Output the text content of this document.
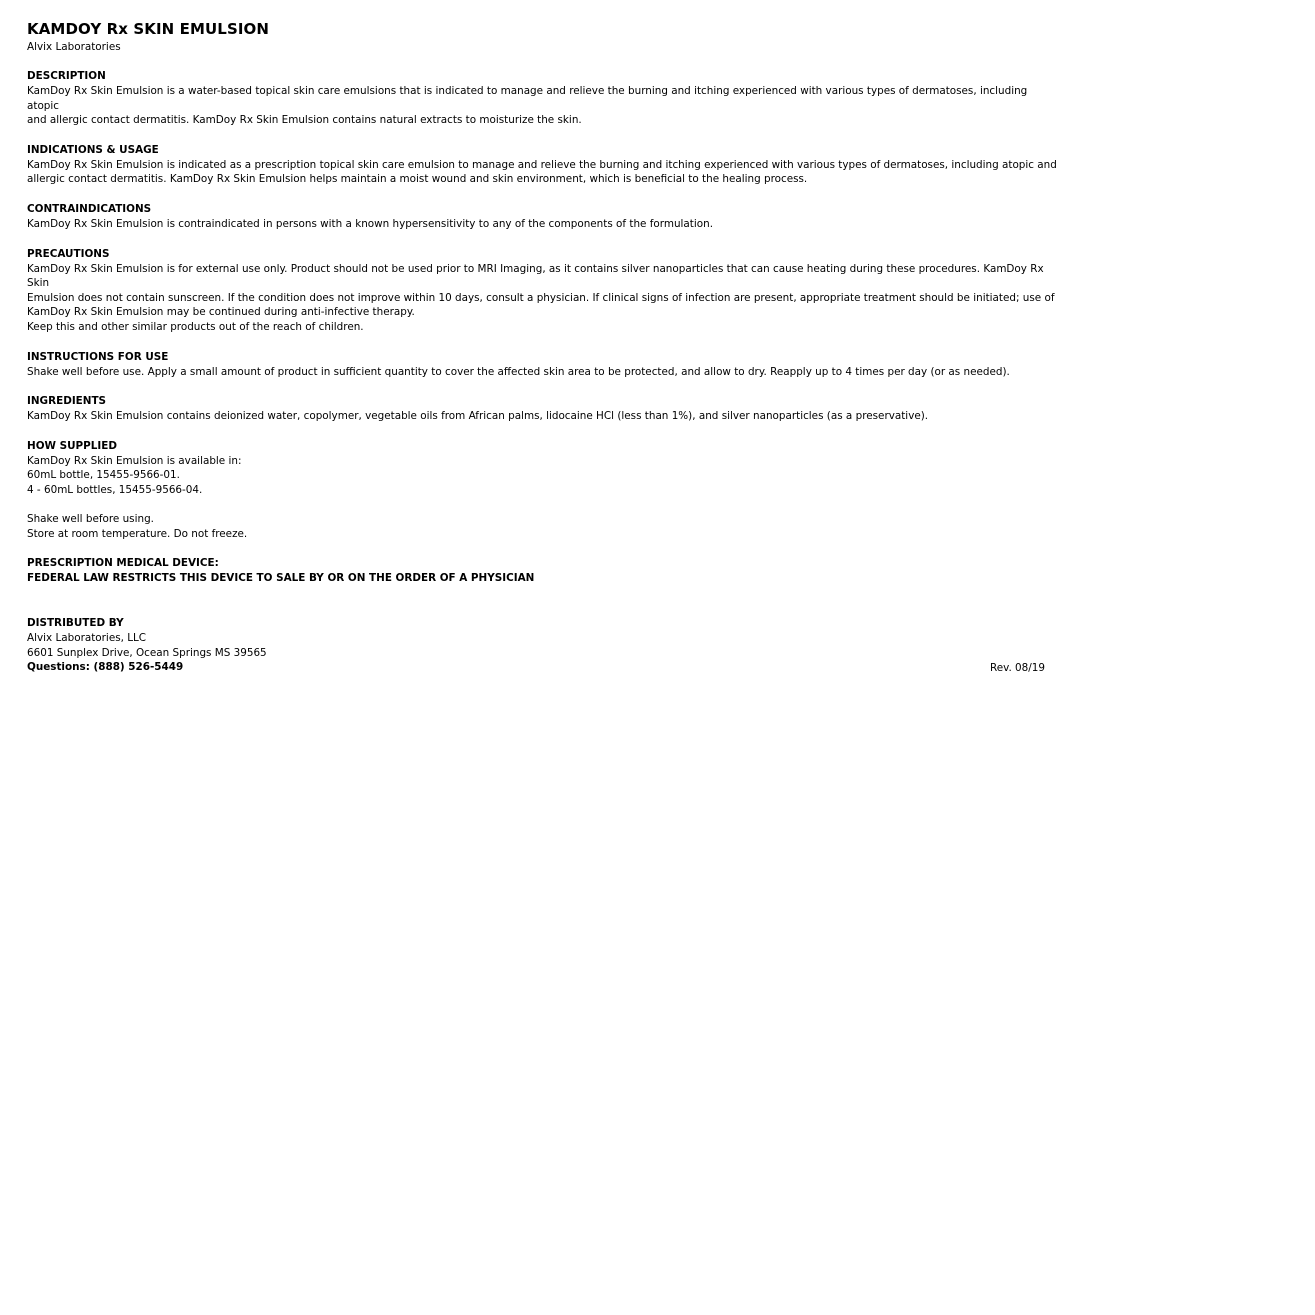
KAMDOY Rx SKIN EMULSION
Alvix Laboratories
DESCRIPTION
KamDoy Rx Skin Emulsion is a water-based topical skin care emulsions that is indicated to manage and relieve the burning and itching experienced with various types of dermatoses, including atopic
and allergic contact dermatitis. KamDoy Rx Skin Emulsion contains natural extracts to moisturize the skin.
INDICATIONS & USAGE
KamDoy Rx Skin Emulsion is indicated as a prescription topical skin care emulsion to manage and relieve the burning and itching experienced with various types of dermatoses, including atopic and
allergic contact dermatitis. KamDoy Rx Skin Emulsion helps maintain a moist wound and skin environment, which is beneficial to the healing process.
CONTRAINDICATIONS
KamDoy Rx Skin Emulsion is contraindicated in persons with a known hypersensitivity to any of the components of the formulation.
PRECAUTIONS
KamDoy Rx Skin Emulsion is for external use only. Product should not be used prior to MRI Imaging, as it contains silver nanoparticles that can cause heating during these procedures. KamDoy Rx Skin
Emulsion does not contain sunscreen. If the condition does not improve within 10 days, consult a physician. If clinical signs of infection are present, appropriate treatment should be initiated; use of
KamDoy Rx Skin Emulsion may be continued during anti-infective therapy.
Keep this and other similar products out of the reach of children.
INSTRUCTIONS FOR USE
Shake well before use. Apply a small amount of product in sufficient quantity to cover the affected skin area to be protected, and allow to dry. Reapply up to 4 times per day (or as needed).
INGREDIENTS
KamDoy Rx Skin Emulsion contains deionized water, copolymer, vegetable oils from African palms, lidocaine HCl (less than 1%), and silver nanoparticles (as a preservative).
HOW SUPPLIED
KamDoy Rx Skin Emulsion is available in:
60mL bottle, 15455-9566-01.
4 - 60mL bottles, 15455-9566-04.
Shake well before using.
Store at room temperature. Do not freeze.
PRESCRIPTION MEDICAL DEVICE:
FEDERAL LAW RESTRICTS THIS DEVICE TO SALE BY OR ON THE ORDER OF A PHYSICIAN
DISTRIBUTED BY
Alvix Laboratories, LLC
6601 Sunplex Drive, Ocean Springs MS 39565
Questions: (888) 526-5449	Rev. 08/19
